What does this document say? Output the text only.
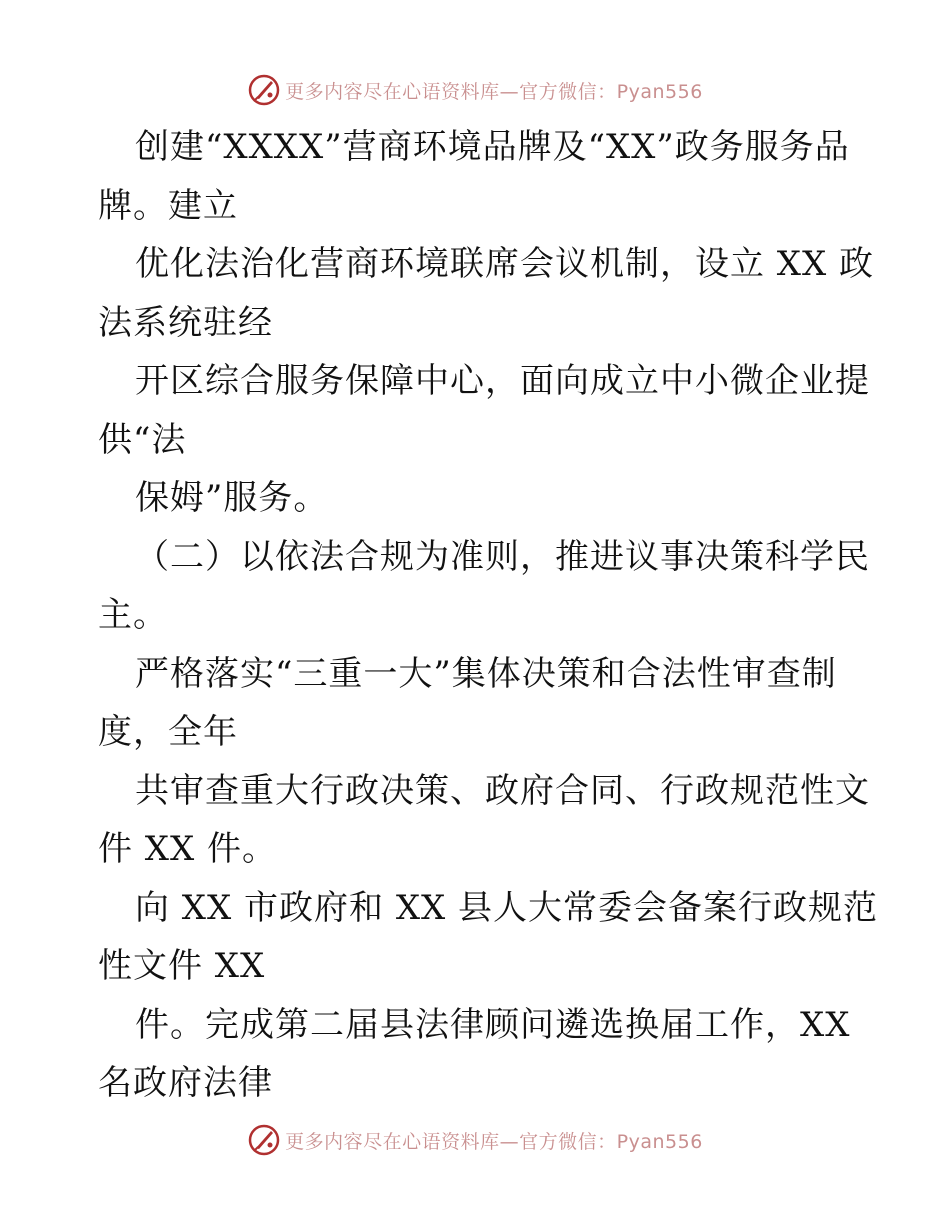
更多内容尽在心语资料库—官方微信：Pyan556
创建“XXXX”营商环境品牌及“XX”政务服务品
牌。建立
优化法治化营商环境联席会议机制，设立 XX 政
法系统驻经
开区综合服务保障中心，面向成立中小微企业提
供“法
保姆”服务。
（二）以依法合规为准则，推进议事决策科学民
主。
严格落实“三重一大”集体决策和合法性审查制
度，全年
共审查重大行政决策、政府合同、行政规范性文
件 XX 件。
向 XX 市政府和 XX 县人大常委会备案行政规范
性文件 XX
件。完成第二届县法律顾问遴选换届工作，XX
名政府法律
更多内容尽在心语资料库—官方微信：Pyan556
